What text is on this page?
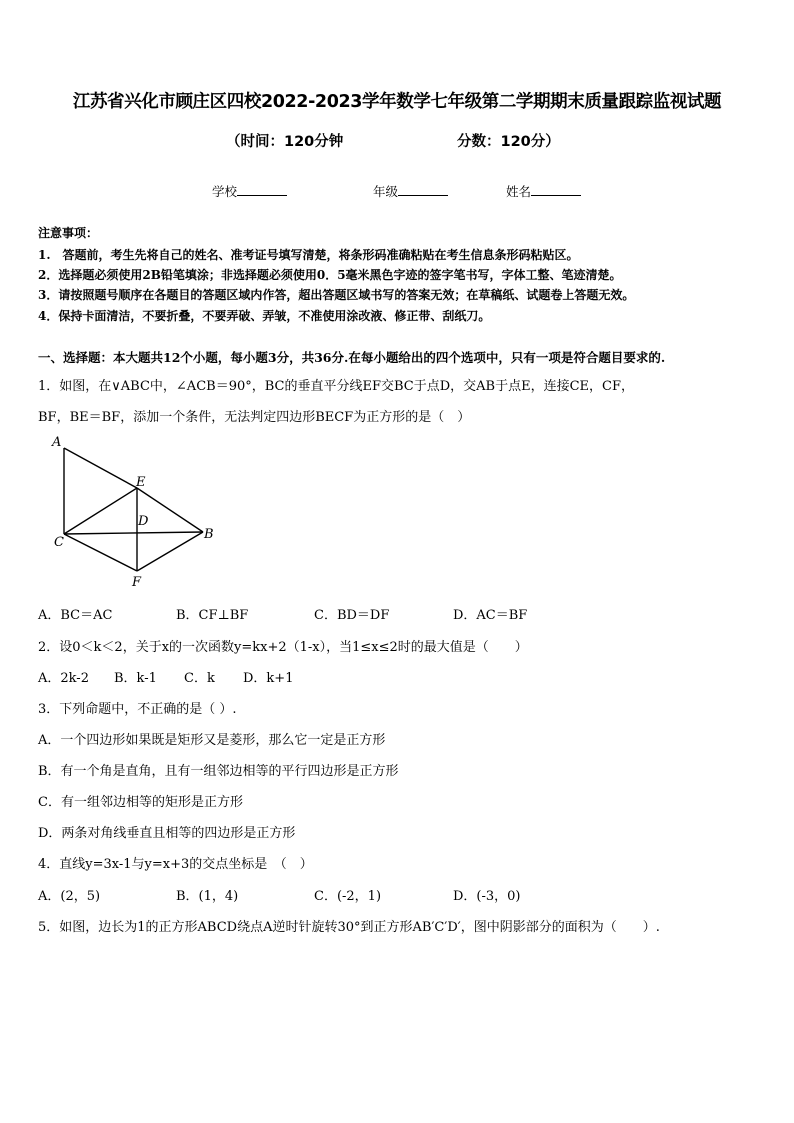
江苏省兴化市顾庄区四校2022-2023学年数学七年级第二学期期末质量跟踪监视试题
（时间：120分钟	分数：120分）
学校	年级	姓名
注意事项：
1.　答题前，考生先将自己的姓名、准考证号填写清楚，将条形码准确粘贴在考生信息条形码粘贴区。
2．选择题必须使用2B铅笔填涂；非选择题必须使用0．5毫米黑色字迹的签字笔书写，字体工整、笔迹清楚。
3．请按照题号顺序在各题目的答题区域内作答，超出答题区域书写的答案无效；在草稿纸、试题卷上答题无效。
4．保持卡面清洁，不要折叠，不要弄破、弄皱，不准使用涂改液、修正带、刮纸刀。
一、选择题：本大题共12个小题，每小题3分，共36分.在每小题给出的四个选项中，只有一项是符合题目要求的.
1．如图，在∨ABC中，∠ACB＝90°，BC的垂直平分线EF交BC于点D，交AB于点E，连接CE，CF，
BF，BE＝BF，添加一个条件，无法判定四边形BECF为正方形的是（　）
A
E
D
C
B
F
A．BC＝AC	B．CF⊥BF	C．BD＝DF	D．AC＝BF
2．设0＜k＜2，关于x的一次函数y=kx+2（1-x），当1≤x≤2时的最大值是（　　）
A．2k-2 B．k-1 C．k D．k+1
3．下列命题中，不正确的是（ ）.
A．一个四边形如果既是矩形又是菱形，那么它一定是正方形
B．有一个角是直角，且有一组邻边相等的平行四边形是正方形
C．有一组邻边相等的矩形是正方形
D．两条对角线垂直且相等的四边形是正方形
4．直线y=3x-1与y=x+3的交点坐标是　（　）
A．(2，5)	B．(1，4)	C．(-2，1)	D．(-3，0)
5．如图，边长为1的正方形ABCD绕点A逆时针旋转30°到正方形AB′C′D′，图中阴影部分的面积为（　　）.
